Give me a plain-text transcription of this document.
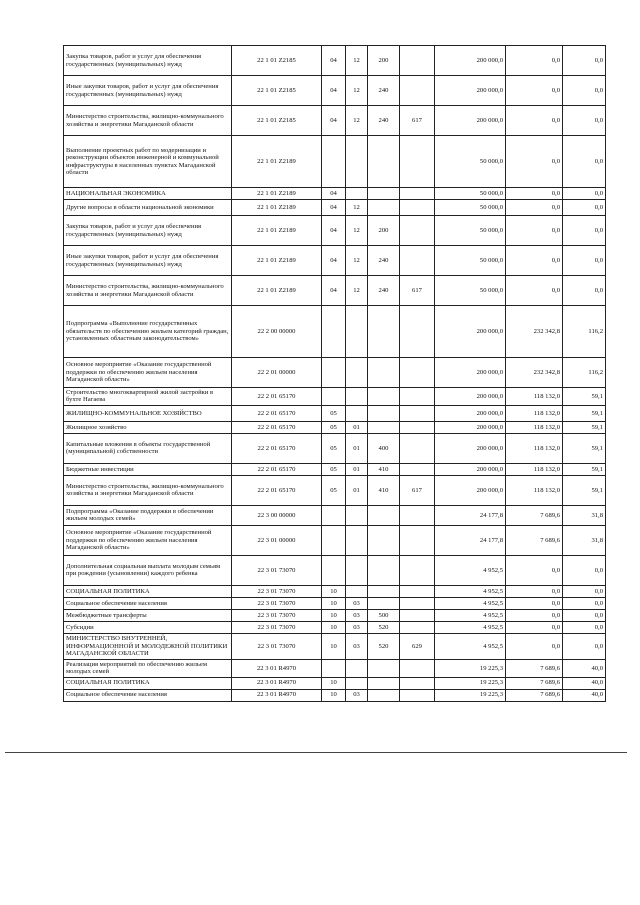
Закупка товаров, работ и услуг для обеспечения государственных (муниципальных) нужд	22 1 01 Z2185	04	12	200		200 000,0	0,0	0,0
Иные закупки товаров, работ и услуг для обеспечения государственных (муниципальных) нужд	22 1 01 Z2185	04	12	240		200 000,0	0,0	0,0
Министерство строительства, жилищно-коммунального хозяйства и энергетики Магаданской области	22 1 01 Z2185	04	12	240	617	200 000,0	0,0	0,0
Выполнение проектных работ по модернизации и реконструкции объектов инженерной и коммунальной инфраструктуры в населенных пунктах Магаданской области	22 1 01 Z2189					50 000,0	0,0	0,0
НАЦИОНАЛЬНАЯ ЭКОНОМИКА	22 1 01 Z2189	04				50 000,0	0,0	0,0
Другие вопросы в области национальной экономики	22 1 01 Z2189	04	12			50 000,0	0,0	0,0
Закупка товаров, работ и услуг для обеспечения государственных (муниципальных) нужд	22 1 01 Z2189	04	12	200		50 000,0	0,0	0,0
Иные закупки товаров, работ и услуг для обеспечения государственных (муниципальных) нужд	22 1 01 Z2189	04	12	240		50 000,0	0,0	0,0
Министерство строительства, жилищно-коммунального хозяйства и энергетики Магаданской области	22 1 01 Z2189	04	12	240	617	50 000,0	0,0	0,0
Подпрограмма «Выполнение государственных обязательств по обеспечению жильем категорий граждан, установленных областным законодательством»	22 2 00 00000					200 000,0	232 342,8	116,2
Основное мероприятие «Оказание государственной поддержки по обеспечению жильем населения Магаданской области»	22 2 01 00000					200 000,0	232 342,8	116,2
Строительство многоквартирной жилой застройки в бухте Нагаева	22 2 01 65170					200 000,0	118 132,0	59,1
ЖИЛИЩНО-КОММУНАЛЬНОЕ ХОЗЯЙСТВО	22 2 01 65170	05				200 000,0	118 132,0	59,1
Жилищное хозяйство	22 2 01 65170	05	01			200 000,0	118 132,0	59,1
Капитальные вложения в объекты государственной (муниципальной) собственности	22 2 01 65170	05	01	400		200 000,0	118 132,0	59,1
Бюджетные инвестиции	22 2 01 65170	05	01	410		200 000,0	118 132,0	59,1
Министерство строительства, жилищно-коммунального хозяйства и энергетики Магаданской области	22 2 01 65170	05	01	410	617	200 000,0	118 132,0	59,1
Подпрограмма «Оказание поддержки в обеспечении жильем молодых семей»	22 3 00 00000					24 177,8	7 689,6	31,8
Основное мероприятие «Оказание государственной поддержки по обеспечению жильем населения Магаданской области»	22 3 01 00000					24 177,8	7 689,6	31,8
Дополнительная социальная выплата молодым семьям при рождении (усыновлении) каждого ребенка	22 3 01 73070					4 952,5	0,0	0,0
СОЦИАЛЬНАЯ ПОЛИТИКА	22 3 01 73070	10				4 952,5	0,0	0,0
Социальное обеспечение населения	22 3 01 73070	10	03			4 952,5	0,0	0,0
Межбюджетные трансферты	22 3 01 73070	10	03	500		4 952,5	0,0	0,0
Субсидии	22 3 01 73070	10	03	520		4 952,5	0,0	0,0
МИНИСТЕРСТВО ВНУТРЕННЕЙ, ИНФОРМАЦИОННОЙ И МОЛОДЕЖНОЙ ПОЛИТИКИ МАГАДАНСКОЙ ОБЛАСТИ	22 3 01 73070	10	03	520	629	4 952,5	0,0	0,0
Реализация мероприятий по обеспечению жильем молодых семей	22 3 01 R4970					19 225,3	7 689,6	40,0
СОЦИАЛЬНАЯ ПОЛИТИКА	22 3 01 R4970	10				19 225,3	7 689,6	40,0
Социальное обеспечение населения	22 3 01 R4970	10	03			19 225,3	7 689,6	40,0
